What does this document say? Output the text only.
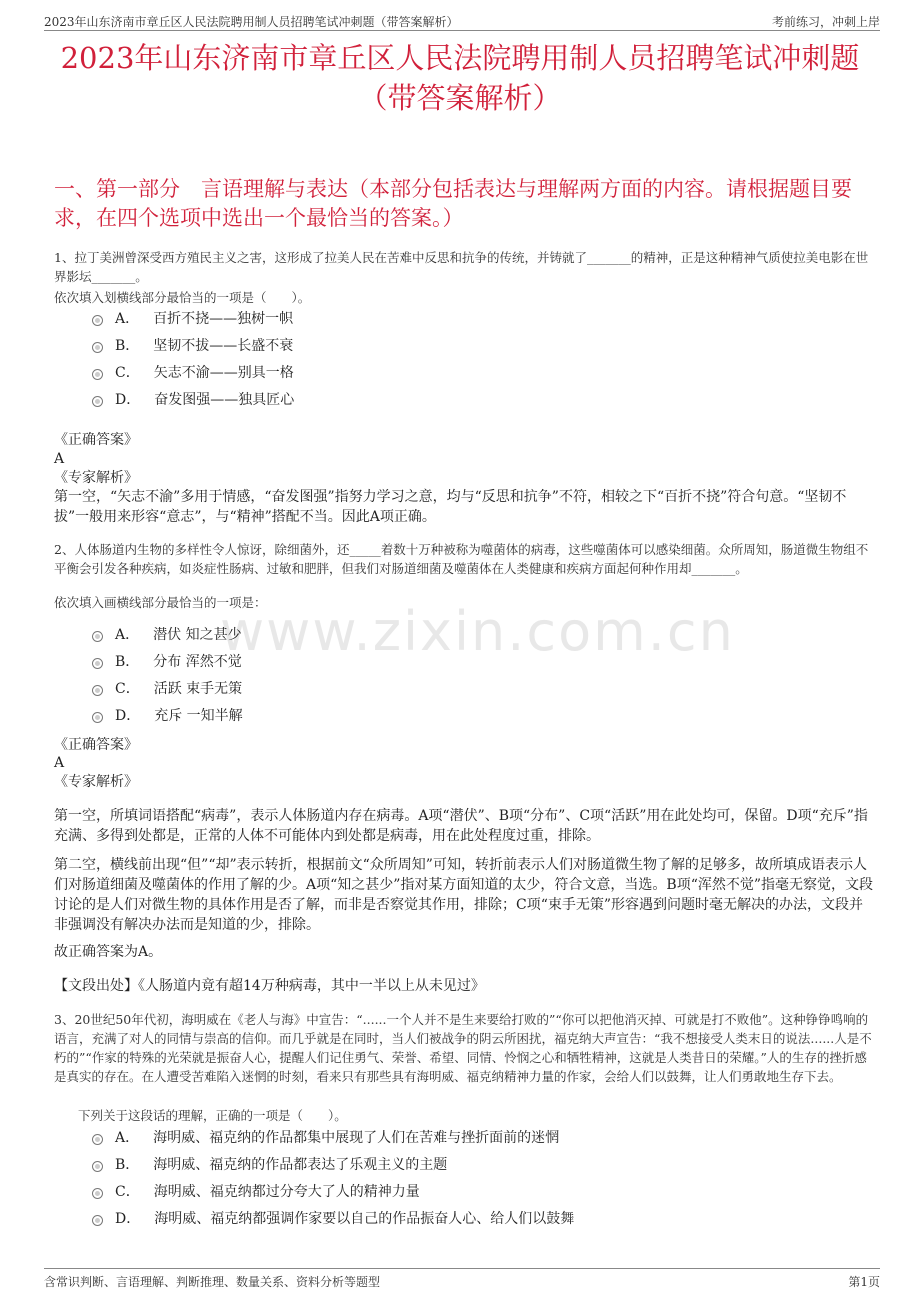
2023年山东济南市章丘区人民法院聘用制人员招聘笔试冲刺题（带答案解析）	考前练习，冲刺上岸
2023年山东济南市章丘区人民法院聘用制人员招聘笔试冲刺题
（带答案解析）
一、第一部分　言语理解与表达（本部分包括表达与理解两方面的内容。请根据题目要求，在四个选项中选出一个最恰当的答案。）
www.zixin.com.cn
1、拉丁美洲曾深受西方殖民主义之害，这形成了拉美人民在苦难中反思和抗争的传统，并铸就了_______的精神，正是这种精神气质使拉美电影在世界影坛_______。
依次填入划横线部分最恰当的一项是（　　）。
A． 百折不挠——独树一帜
B． 坚韧不拔——长盛不衰
C． 矢志不渝——别具一格
D． 奋发图强——独具匠心
《正确答案》
A
《专家解析》
第一空，“矢志不渝”多用于情感，“奋发图强”指努力学习之意，均与“反思和抗争”不符，相较之下“百折不挠”符合句意。“坚韧不拔”一般用来形容“意志”，与“精神”搭配不当。因此A项正确。
2、人体肠道内生物的多样性令人惊讶，除细菌外，还_____着数十万种被称为噬菌体的病毒，这些噬菌体可以感染细菌。众所周知，肠道微生物组不平衡会引发各种疾病，如炎症性肠病、过敏和肥胖，但我们对肠道细菌及噬菌体在人类健康和疾病方面起何种作用却_______。
依次填入画横线部分最恰当的一项是：
A． 潜伏 知之甚少
B． 分布 浑然不觉
C． 活跃 束手无策
D． 充斥 一知半解
《正确答案》
A
《专家解析》
第一空，所填词语搭配“病毒”，表示人体肠道内存在病毒。A项“潜伏”、B项“分布”、C项“活跃”用在此处均可，保留。D项“充斥”指充满、多得到处都是，正常的人体不可能体内到处都是病毒，用在此处程度过重，排除。
第二空，横线前出现“但”“却”表示转折，根据前文“众所周知”可知，转折前表示人们对肠道微生物了解的足够多，故所填成语表示人们对肠道细菌及噬菌体的作用了解的少。A项“知之甚少”指对某方面知道的太少，符合文意，当选。B项“浑然不觉”指毫无察觉，文段讨论的是人们对微生物的具体作用是否了解，而非是否察觉其作用，排除；C项“束手无策”形容遇到问题时毫无解决的办法，文段并非强调没有解决办法而是知道的少，排除。
故正确答案为A。
【文段出处】《人肠道内竟有超14万种病毒，其中一半以上从未见过》
3、20世纪50年代初，海明威在《老人与海》中宣告：“......一个人并不是生来要给打败的”“你可以把他消灭掉、可就是打不败他”。这种铮铮鸣响的语言，充满了对人的同情与崇高的信仰。而几乎就是在同时，当人们被战争的阴云所困扰，福克纳大声宣告：“我不想接受人类末日的说法......人是不朽的”“作家的特殊的光荣就是振奋人心，提醒人们记住勇气、荣誉、希望、同情、怜悯之心和牺牲精神，这就是人类昔日的荣耀。”人的生存的挫折感是真实的存在。在人遭受苦难陷入迷惘的时刻，看来只有那些具有海明威、福克纳精神力量的作家，会给人们以鼓舞，让人们勇敢地生存下去。
下列关于这段话的理解，正确的一项是（　　）。
A． 海明威、福克纳的作品都集中展现了人们在苦难与挫折面前的迷惘
B． 海明威、福克纳的作品都表达了乐观主义的主题
C． 海明威、福克纳都过分夸大了人的精神力量
D． 海明威、福克纳都强调作家要以自己的作品振奋人心、给人们以鼓舞
含常识判断、言语理解、判断推理、数量关系、资料分析等题型	第1页
